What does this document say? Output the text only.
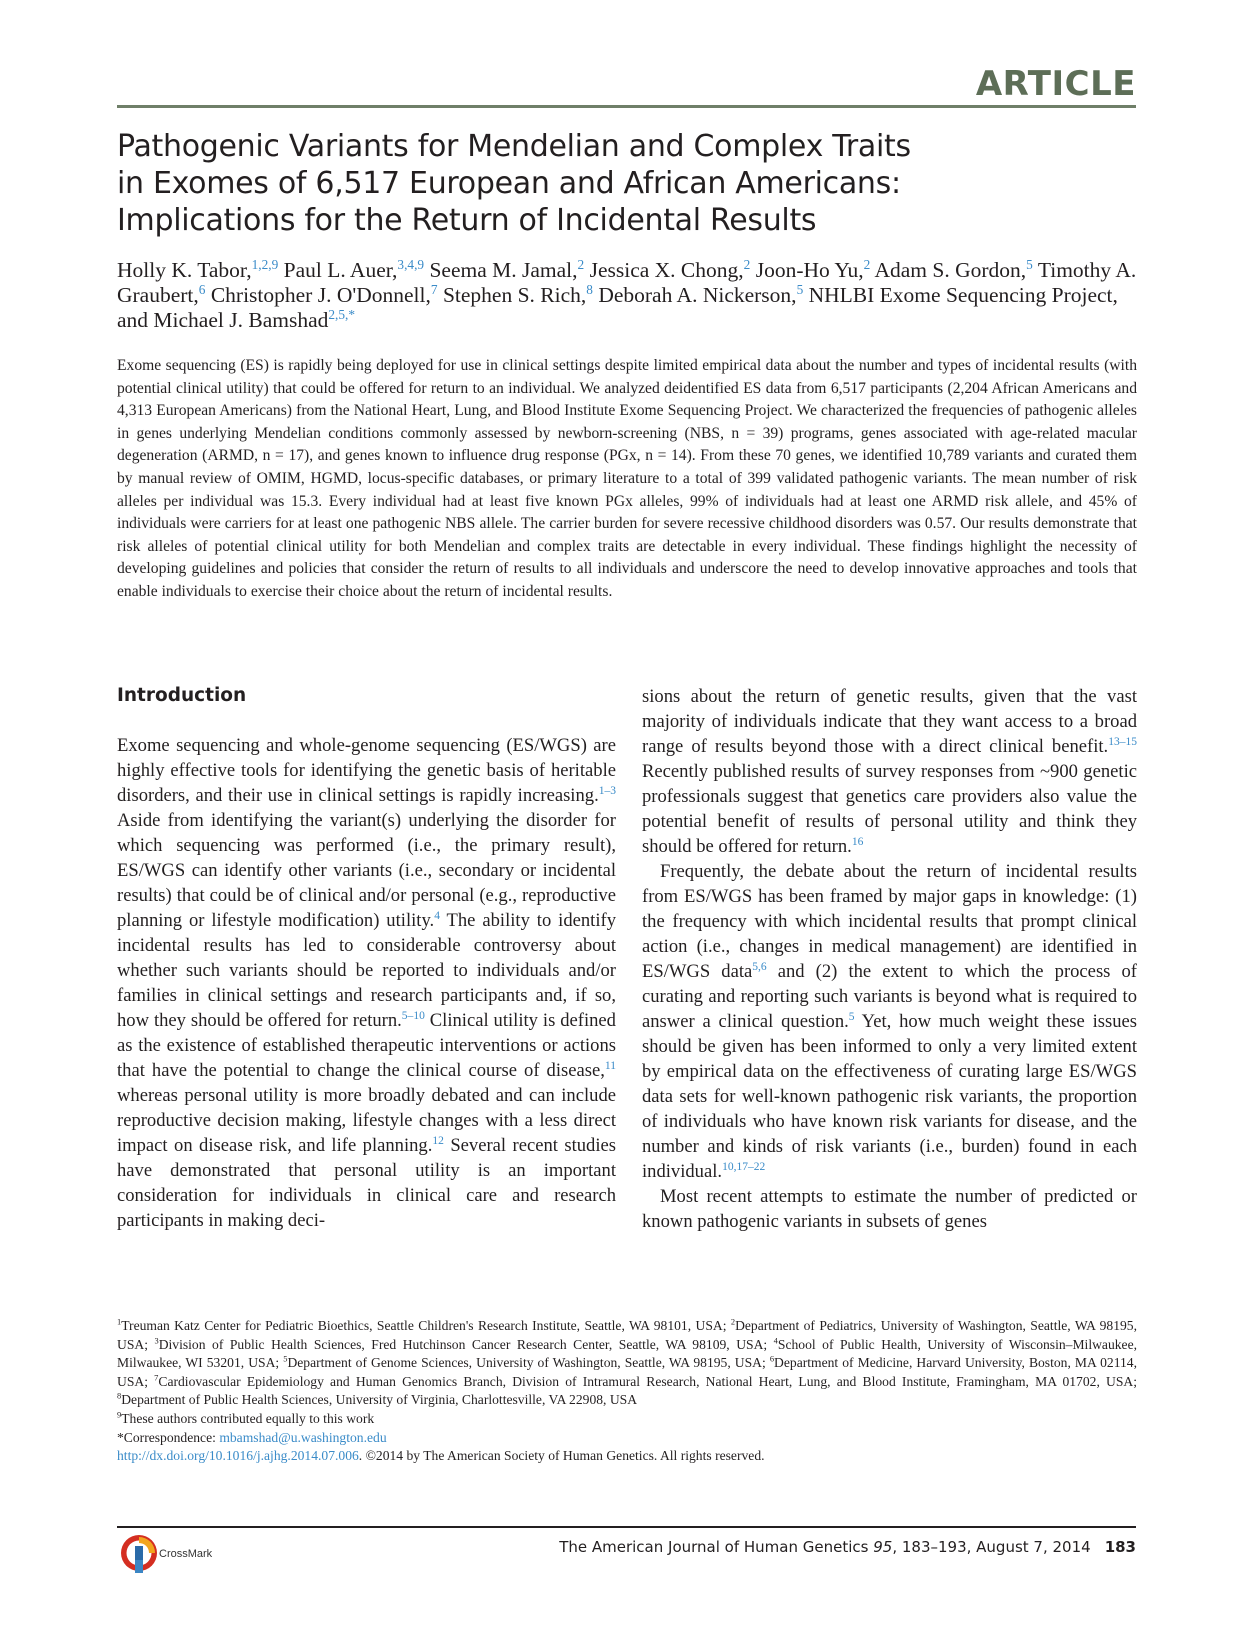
ARTICLE
Pathogenic Variants for Mendelian and Complex Traits
in Exomes of 6,517 European and African Americans:
Implications for the Return of Incidental Results
Holly K. Tabor,$^{1,2,9}$ Paul L. Auer,$^{3,4,9}$ Seema M. Jamal,$^2$ Jessica X. Chong,$^2$ Joon-Ho Yu,$^2$ Adam S. Gordon,$^5$ Timothy A. Graubert,$^6$ Christopher J. O'Donnell,$^7$ Stephen S. Rich,$^8$ Deborah A. Nickerson,$^5$ NHLBI Exome Sequencing Project, and Michael J. Bamshad$^{2,5,*}$

Exome sequencing (ES) is rapidly being deployed for use in clinical settings despite limited empirical data about the number and types of incidental results (with potential clinical utility) that could be offered for return to an individual. We analyzed deidentified ES data from 6,517 participants (2,204 African Americans and 4,313 European Americans) from the National Heart, Lung, and Blood Institute Exome Sequencing Project. We characterized the frequencies of pathogenic alleles in genes underlying Mendelian conditions commonly assessed by newborn-screening (NBS, n = 39) programs, genes associated with age-related macular degeneration (ARMD, n = 17), and genes known to influence drug response (PGx, n = 14). From these 70 genes, we identified 10,789 variants and curated them by manual review of OMIM, HGMD, locus-specific databases, or primary literature to a total of 399 validated pathogenic variants. The mean number of risk alleles per individual was 15.3. Every individual had at least five known PGx alleles, 99% of individuals had at least one ARMD risk allele, and 45% of individuals were carriers for at least one pathogenic NBS allele. The carrier burden for severe recessive childhood disorders was 0.57. Our results demonstrate that risk alleles of potential clinical utility for both Mendelian and complex traits are detectable in every individual. These findings highlight the necessity of developing guidelines and policies that consider the return of results to all individuals and underscore the need to develop innovative approaches and tools that enable individuals to exercise their choice about the return of incidental results.

Introduction

Exome sequencing and whole-genome sequencing (ES/WGS) are highly effective tools for identifying the genetic basis of heritable disorders, and their use in clinical settings is rapidly increasing.$^{1-3}$ Aside from identifying the variant(s) underlying the disorder for which sequencing was performed (i.e., the primary result), ES/WGS can identify other variants (i.e., secondary or incidental results) that could be of clinical and/or personal (e.g., reproductive planning or lifestyle modification) utility.$^4$ The ability to identify incidental results has led to considerable controversy about whether such variants should be reported to individuals and/or families in clinical settings and research participants and, if so, how they should be offered for return.$^{5-10}$ Clinical utility is defined as the existence of established therapeutic interventions or actions that have the potential to change the clinical course of disease,$^{11}$ whereas personal utility is more broadly debated and can include reproductive decision making, lifestyle changes with a less direct impact on disease risk, and life planning.$^{12}$ Several recent studies have demonstrated that personal utility is an important consideration for individuals in clinical care and research participants in making deci-

sions about the return of genetic results, given that the vast majority of individuals indicate that they want access to a broad range of results beyond those with a direct clinical benefit.$^{13-15}$ Recently published results of survey responses from ~900 genetic professionals suggest that genetics care providers also value the potential benefit of results of personal utility and think they should be offered for return.$^{16}$

Frequently, the debate about the return of incidental results from ES/WGS has been framed by major gaps in knowledge: (1) the frequency with which incidental results that prompt clinical action (i.e., changes in medical management) are identified in ES/WGS data$^{5,6}$ and (2) the extent to which the process of curating and reporting such variants is beyond what is required to answer a clinical question.$^5$ Yet, how much weight these issues should be given has been informed to only a very limited extent by empirical data on the effectiveness of curating large ES/WGS data sets for well-known pathogenic risk variants, the proportion of individuals who have known risk variants for disease, and the number and kinds of risk variants (i.e., burden) found in each individual.$^{10,17-22}$

Most recent attempts to estimate the number of predicted or known pathogenic variants in subsets of genes

$^1$Treuman Katz Center for Pediatric Bioethics, Seattle Children's Research Institute, Seattle, WA 98101, USA; $^2$Department of Pediatrics, University of Washington, Seattle, WA 98195, USA; $^3$Division of Public Health Sciences, Fred Hutchinson Cancer Research Center, Seattle, WA 98109, USA; $^4$School of Public Health, University of Wisconsin–Milwaukee, Milwaukee, WI 53201, USA; $^5$Department of Genome Sciences, University of Washington, Seattle, WA 98195, USA; $^6$Department of Medicine, Harvard University, Boston, MA 02114, USA; $^7$Cardiovascular Epidemiology and Human Genomics Branch, Division of Intramural Research, National Heart, Lung, and Blood Institute, Framingham, MA 01702, USA; $^8$Department of Public Health Sciences, University of Virginia, Charlottesville, VA 22908, USA

$^9$These authors contributed equally to this work

*Correspondence: mbamshad@u.washington.edu

http://dx.doi.org/10.1016/j.ajhg.2014.07.006. ©2014 by The American Society of Human Genetics. All rights reserved.

CrossMark	The American Journal of Human Genetics 95, 183–193, August 7, 2014 183
